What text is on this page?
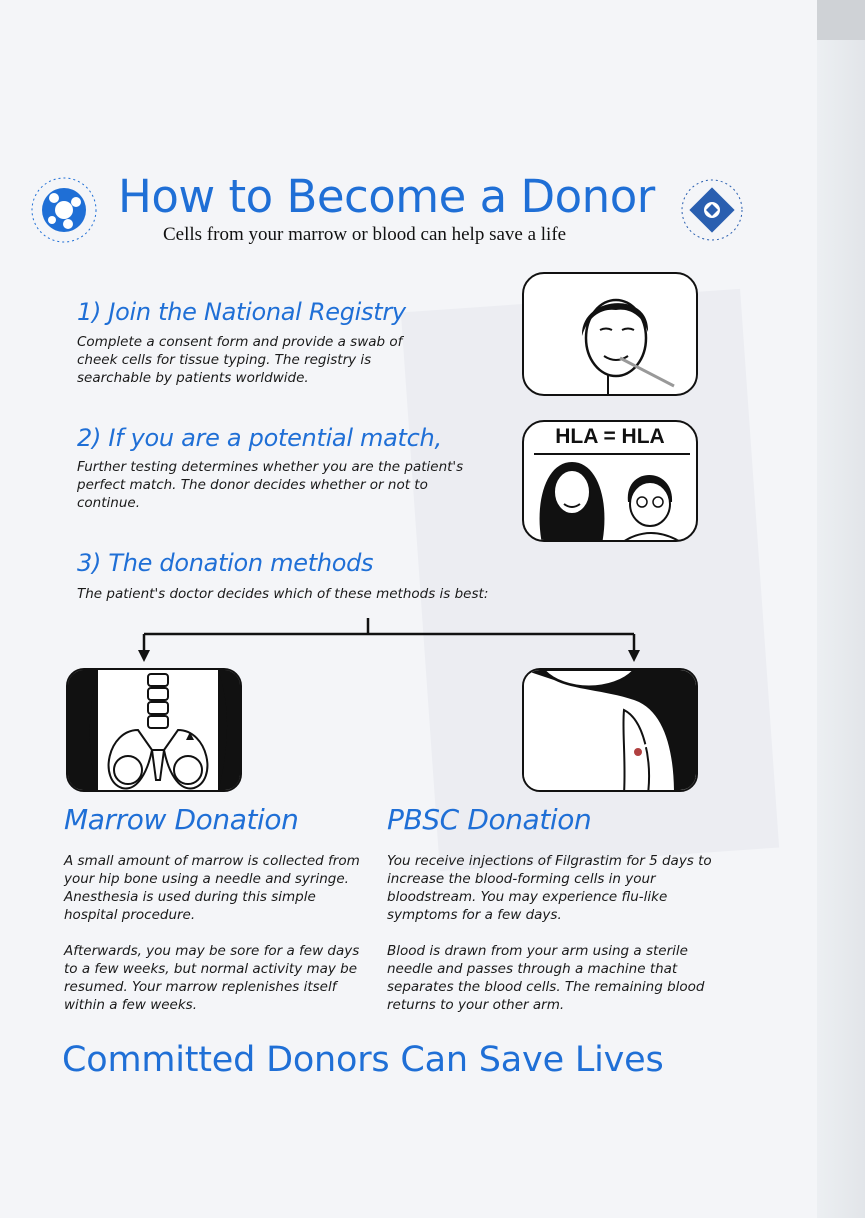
How to Become a Donor
Cells from your marrow or blood can help save a life
1) Join the National Registry
Complete a consent form and provide a swab of cheek cells for tissue typing. The registry is searchable by patients worldwide.
2) If you are a potential match,
Further testing determines whether you are the patient's perfect match. The donor decides whether or not to continue.
HLA = HLA
3) The donation methods
The patient's doctor decides which of these methods is best:
Marrow Donation

A small amount of marrow is collected from your hip bone using a needle and syringe. Anesthesia is used during this simple hospital procedure.

Afterwards, you may be sore for a few days to a few weeks, but normal activity may be resumed. Your marrow replenishes itself within a few weeks.

PBSC Donation

You receive injections of Filgrastim for 5 days to increase the blood-forming cells in your bloodstream. You may experience flu-like symptoms for a few days.

Blood is drawn from your arm using a sterile needle and passes through a machine that separates the blood cells. The remaining blood returns to your other arm.

Committed Donors Can Save Lives
